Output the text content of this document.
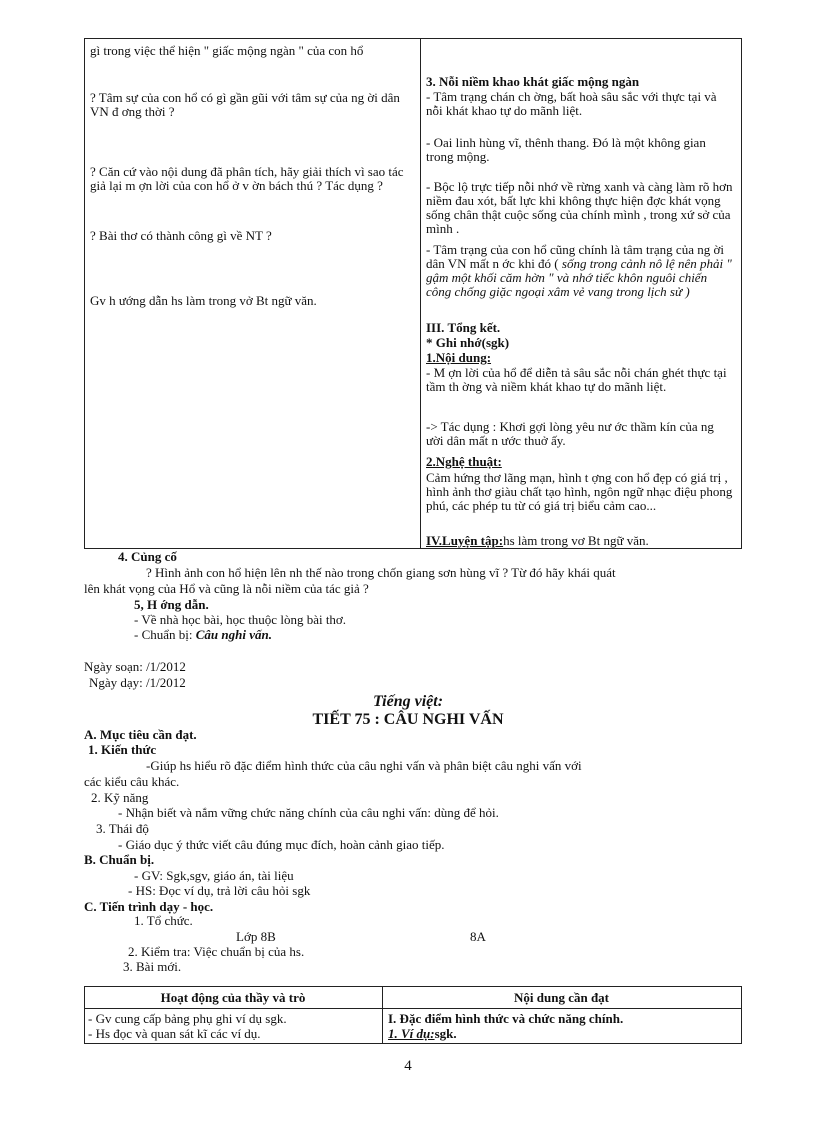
gì trong việc thể hiện " giấc mộng ngàn " của con hổ
? Tâm sự của con hổ có gì gần gũi với tâm sự của ng ời dân VN đ ơng thời ?
? Căn cứ vào nội dung đã phân tích, hãy giải thích vì sao tác giả lại m ợn lời của con hổ ở v ờn bách thú ? Tác dụng ?
? Bài thơ có thành công gì về NT ?
Gv h ướng dẫn hs làm trong vở Bt ngữ văn.
3. Nỗi niềm khao khát giấc mộng ngàn
- Tâm trạng chán ch ờng, bất hoà sâu sắc với thực tại và nỗi khát khao tự do mãnh liệt.
- Oai linh hùng vĩ, thênh thang. Đó là một không gian trong mộng.
- Bộc lộ trực tiếp nỗi nhớ về rừng xanh và càng làm rõ hơn niềm đau xót, bất lực khi không thực hiện đợc khát vọng sống chân thật cuộc sống của chính mình , trong xứ sở của mình .
- Tâm trạng của con hổ cũng chính là tâm trạng của ng ời dân VN mất n ớc khi đó ( sống trong cảnh nô lệ nên phải " gậm một khối căm hờn " và nhớ tiếc khôn nguôi chiến công chống giặc ngoại xâm vẻ vang trong lịch sử )
III. Tổng kết.
* Ghi nhớ(sgk)
1.Nội dung:
- M ợn lời của hổ để diễn tả sâu sắc nỗi chán ghét thực tại tầm th ờng và niềm khát khao tự do mãnh liệt.
-> Tác dụng : Khơi gợi lòng yêu nư ớc thầm kín của ng ười dân mất n ước thuở ấy.
2.Nghệ thuật:
Cảm hứng thơ lãng mạn, hình t ợng con hổ đẹp có giá trị , hình ảnh thơ giàu chất tạo hình, ngôn ngữ nhạc điệu phong phú, các phép tu từ có giá trị biểu cảm cao...
IV.Luyện tập:hs làm trong vơ Bt ngữ văn.
4. Củng cố
? Hình ảnh con hổ hiện lên nh thế nào trong chốn giang sơn hùng vĩ ? Từ đó hãy khái quát
lên khát vọng của Hổ và cũng là nỗi niềm của tác giả ?
5, H ớng dẫn.
- Về nhà học bài, học thuộc lòng bài thơ.
- Chuẩn bị: Câu nghi vấn.
Ngày soạn: /1/2012
Ngày dạy: /1/2012
Tiếng việt:
TIẾT 75 : CÂU NGHI VẤN
A. Mục tiêu cần đạt.
1. Kiến thức
-Giúp hs hiểu rõ đặc điểm hình thức của câu nghi vấn và phân biệt câu nghi vấn với
các kiểu câu khác.
2. Kỹ năng
- Nhận biết và nắm vững chức năng chính của câu nghi vấn: dùng để hỏi.
3. Thái độ
- Giáo dục ý thức viết câu đúng mục đích, hoàn cảnh giao tiếp.
B. Chuẩn bị.
- GV: Sgk,sgv, giáo án, tài liệu
- HS: Đọc ví dụ, trả lời câu hỏi sgk
C. Tiến trình dạy - học.
1. Tổ chức.
Lớp 8B	8A
2. Kiểm tra: Việc chuẩn bị của hs.
3. Bài mới.
Hoạt động của thầy và trò	Nội dung cần đạt
- Gv cung cấp bảng phụ ghi ví dụ sgk.
- Hs đọc và quan sát kĩ các ví dụ.
I. Đặc điểm hình thức và chức năng chính.
1. Ví dụ:sgk.
4
